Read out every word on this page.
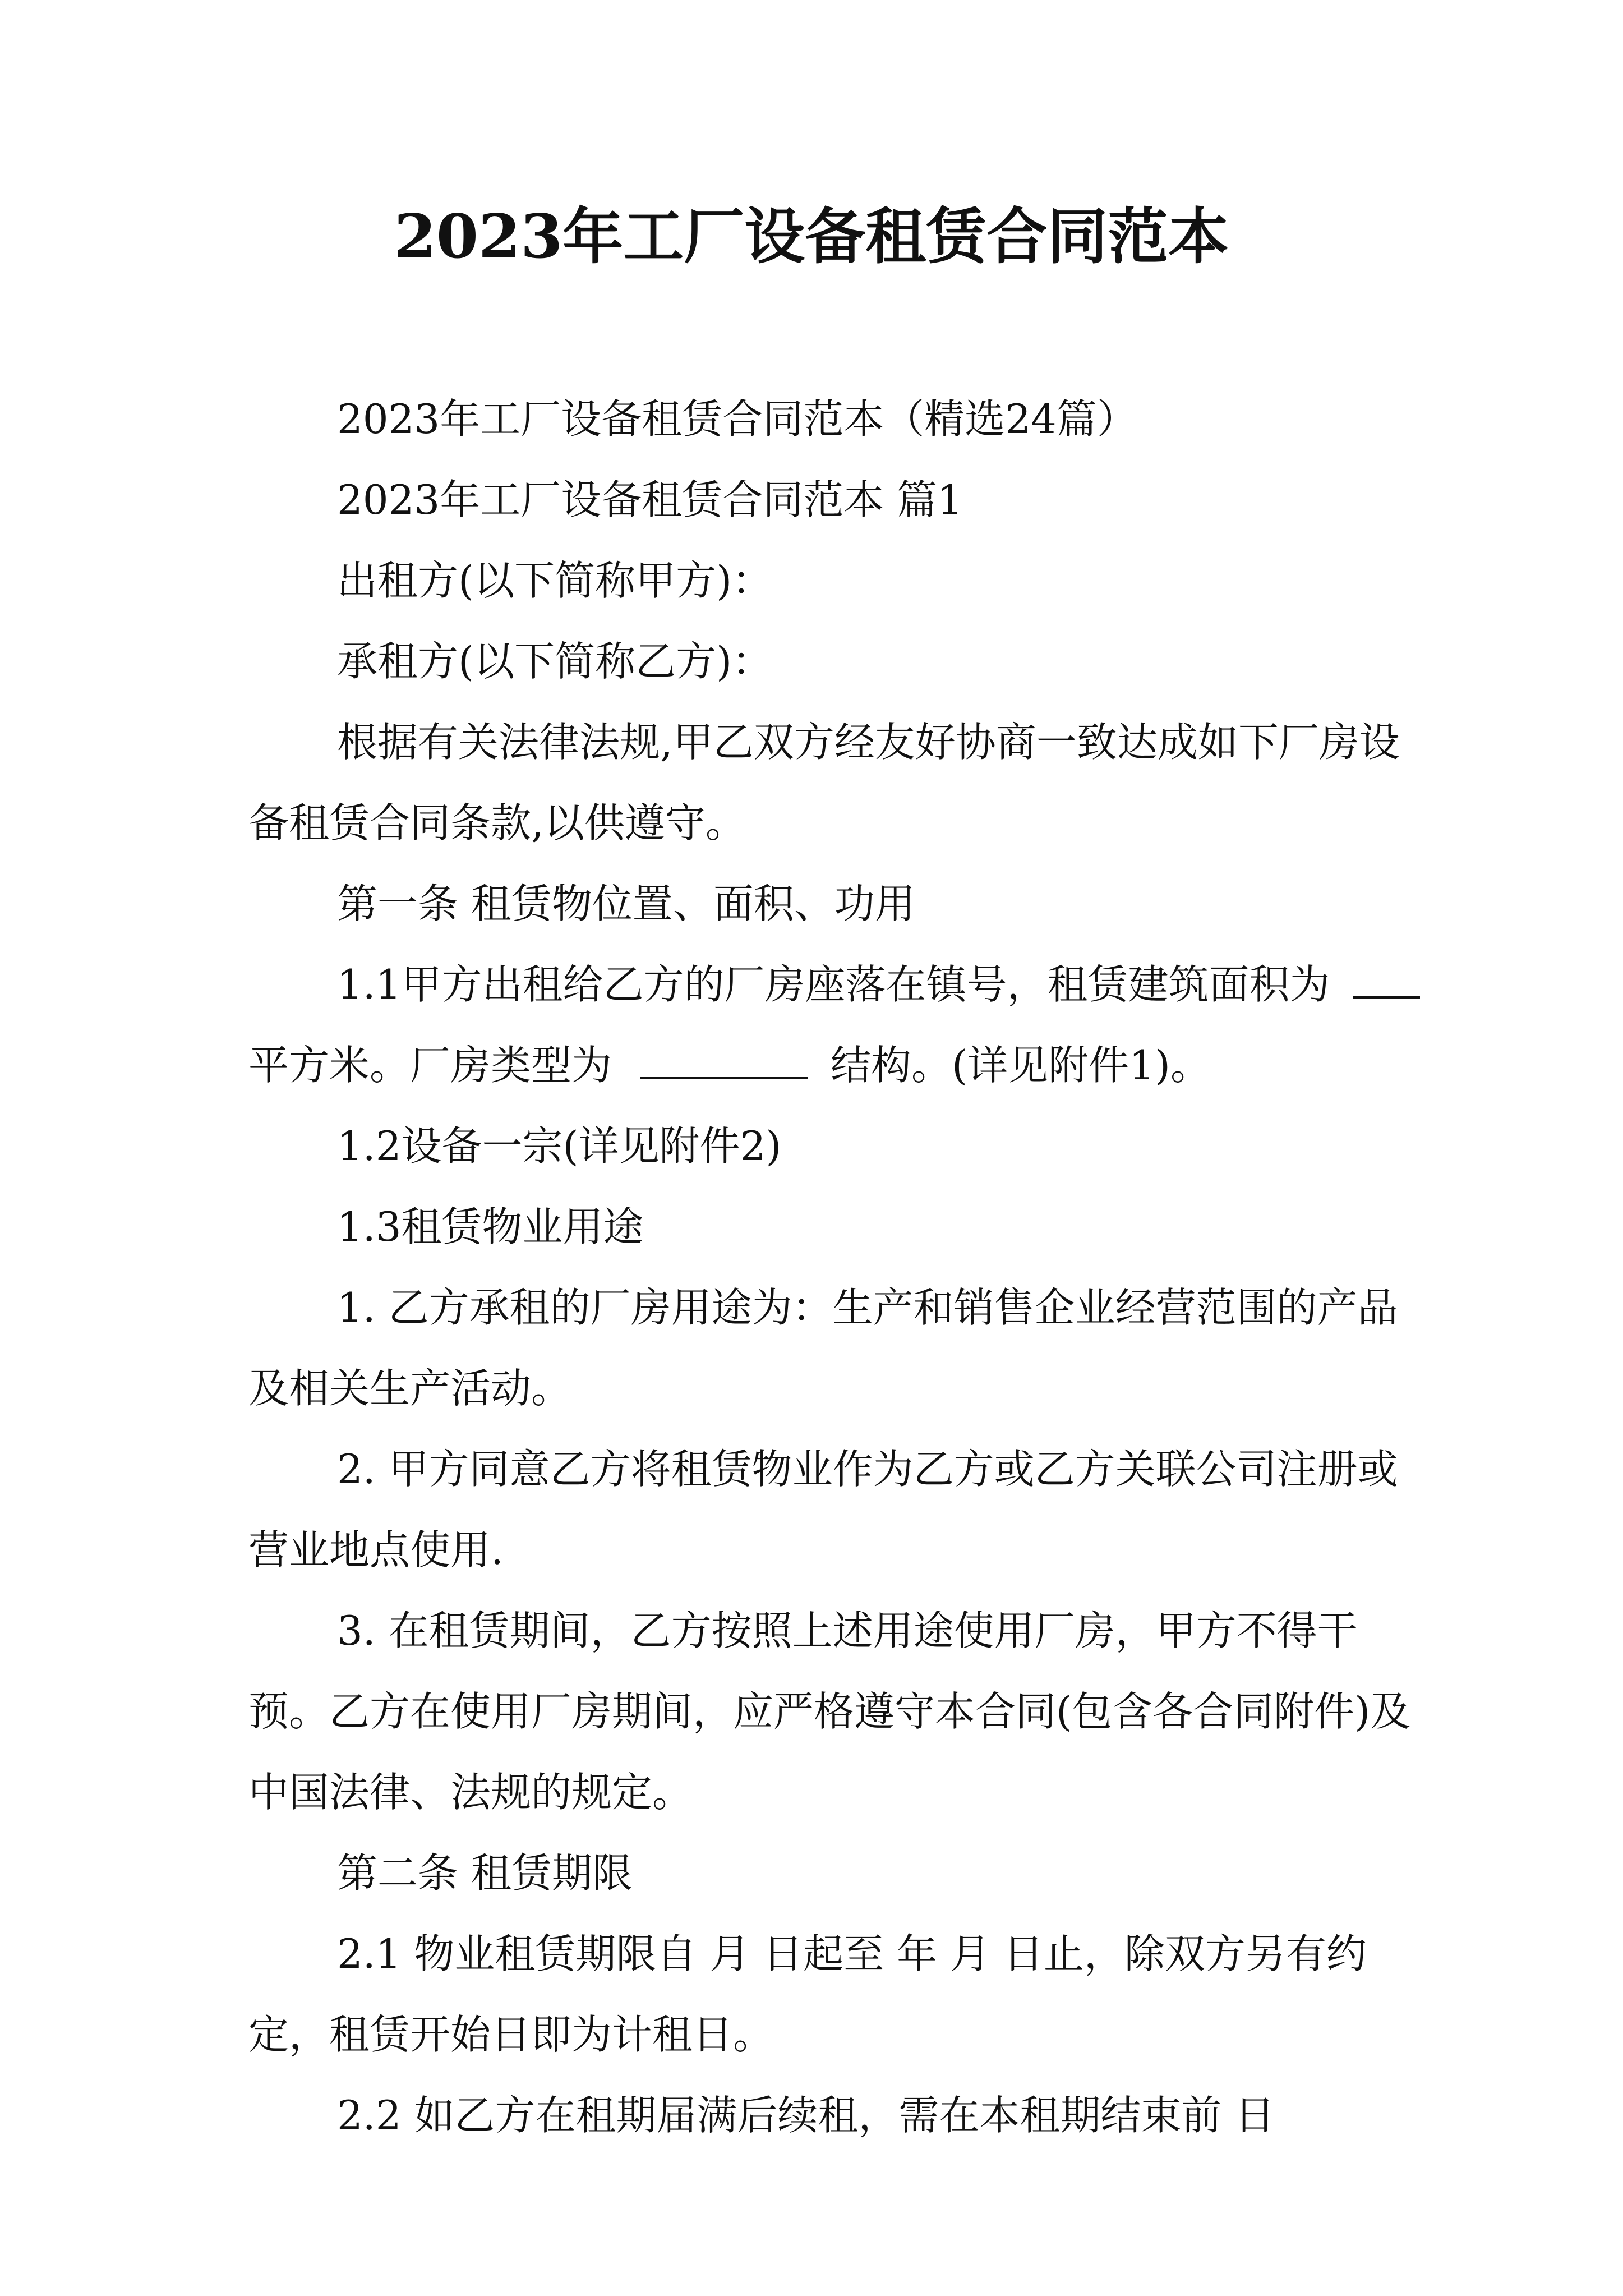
2023年工厂设备租赁合同范本

2023年工厂设备租赁合同范本（精选24篇）

2023年工厂设备租赁合同范本 篇1

出租方(以下简称甲方)：

承租方(以下简称乙方)：

根据有关法律法规,甲乙双方经友好协商一致达成如下厂房设备租赁合同条款,以供遵守。

第一条 租赁物位置、面积、功用

1.1甲方出租给乙方的厂房座落在镇号，租赁建筑面积为平方米。厂房类型为	结构。(详见附件1)。

1.2设备一宗(详见附件2)

1.3租赁物业用途

1. 乙方承租的厂房用途为：生产和销售企业经营范围的产品及相关生产活动。

2. 甲方同意乙方将租赁物业作为乙方或乙方关联公司注册或营业地点使用.

3. 在租赁期间，乙方按照上述用途使用厂房，甲方不得干预。乙方在使用厂房期间，应严格遵守本合同(包含各合同附件)及中国法律、法规的规定。

第二条 租赁期限

2.1 物业租赁期限自 月 日起至 年 月 日止，除双方另有约定，租赁开始日即为计租日。

2.2 如乙方在租期届满后续租，需在本租期结束前 日
